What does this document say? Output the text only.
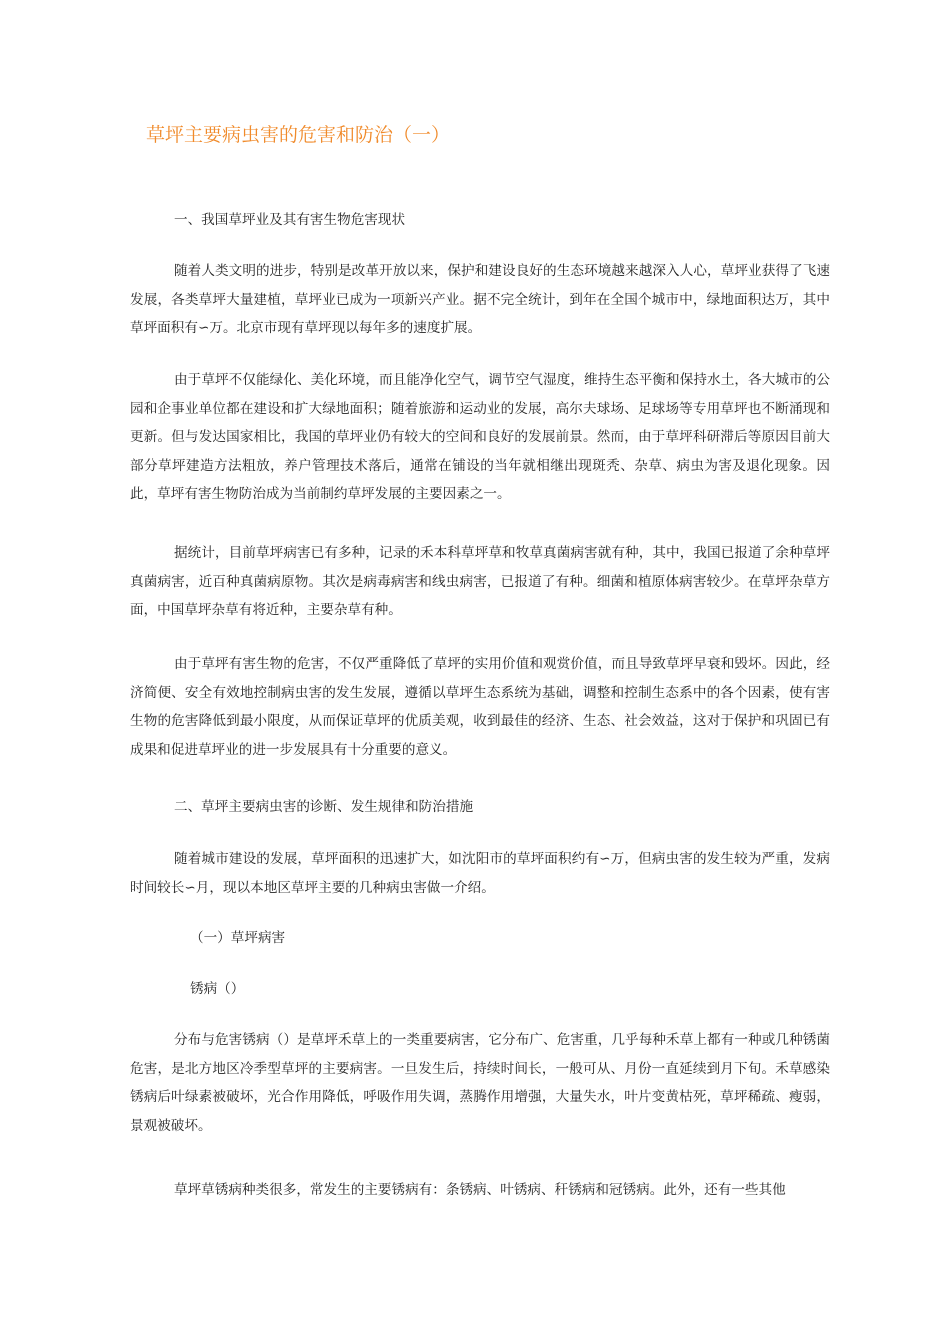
草坪主要病虫害的危害和防治（一）

一、我国草坪业及其有害生物危害现状

随着人类文明的进步，特别是改革开放以来，保护和建设良好的生态环境越来越深入人心，草坪业获得了飞速发展，各类草坪大量建植，草坪业已成为一项新兴产业。据不完全统计，到年在全国个城市中，绿地面积达万，其中草坪面积有∽万。北京市现有草坪现以每年多的速度扩展。

由于草坪不仅能绿化、美化环境，而且能净化空气，调节空气湿度，维持生态平衡和保持水土，各大城市的公园和企事业单位都在建设和扩大绿地面积；随着旅游和运动业的发展，高尔夫球场、足球场等专用草坪也不断涌现和更新。但与发达国家相比，我国的草坪业仍有较大的空间和良好的发展前景。然而，由于草坪科研滞后等原因目前大部分草坪建造方法粗放，养户管理技术落后，通常在铺设的当年就相继出现斑秃、杂草、病虫为害及退化现象。因此，草坪有害生物防治成为当前制约草坪发展的主要因素之一。

据统计，目前草坪病害已有多种，记录的禾本科草坪草和牧草真菌病害就有种，其中，我国已报道了余种草坪真菌病害，近百种真菌病原物。其次是病毒病害和线虫病害，已报道了有种。细菌和植原体病害较少。在草坪杂草方面，中国草坪杂草有将近种，主要杂草有种。

由于草坪有害生物的危害，不仅严重降低了草坪的实用价值和观赏价值，而且导致草坪早衰和毁坏。因此，经济简便、安全有效地控制病虫害的发生发展，遵循以草坪生态系统为基础，调整和控制生态系中的各个因素，使有害生物的危害降低到最小限度，从而保证草坪的优质美观，收到最佳的经济、生态、社会效益，这对于保护和巩固已有成果和促进草坪业的进一步发展具有十分重要的意义。

二、草坪主要病虫害的诊断、发生规律和防治措施

随着城市建设的发展，草坪面积的迅速扩大，如沈阳市的草坪面积约有∽万，但病虫害的发生较为严重，发病时间较长∽月，现以本地区草坪主要的几种病虫害做一介绍。

（一）草坪病害

锈病（）

分布与危害锈病（）是草坪禾草上的一类重要病害，它分布广、危害重，几乎每种禾草上都有一种或几种锈菌危害，是北方地区冷季型草坪的主要病害。一旦发生后，持续时间长，一般可从、月份一直延续到月下旬。禾草感染锈病后叶绿素被破坏，光合作用降低，呼吸作用失调，蒸腾作用增强，大量失水，叶片变黄枯死，草坪稀疏、瘦弱，景观被破坏。

草坪草锈病种类很多，常发生的主要锈病有：条锈病、叶锈病、秆锈病和冠锈病。此外，还有一些其他
